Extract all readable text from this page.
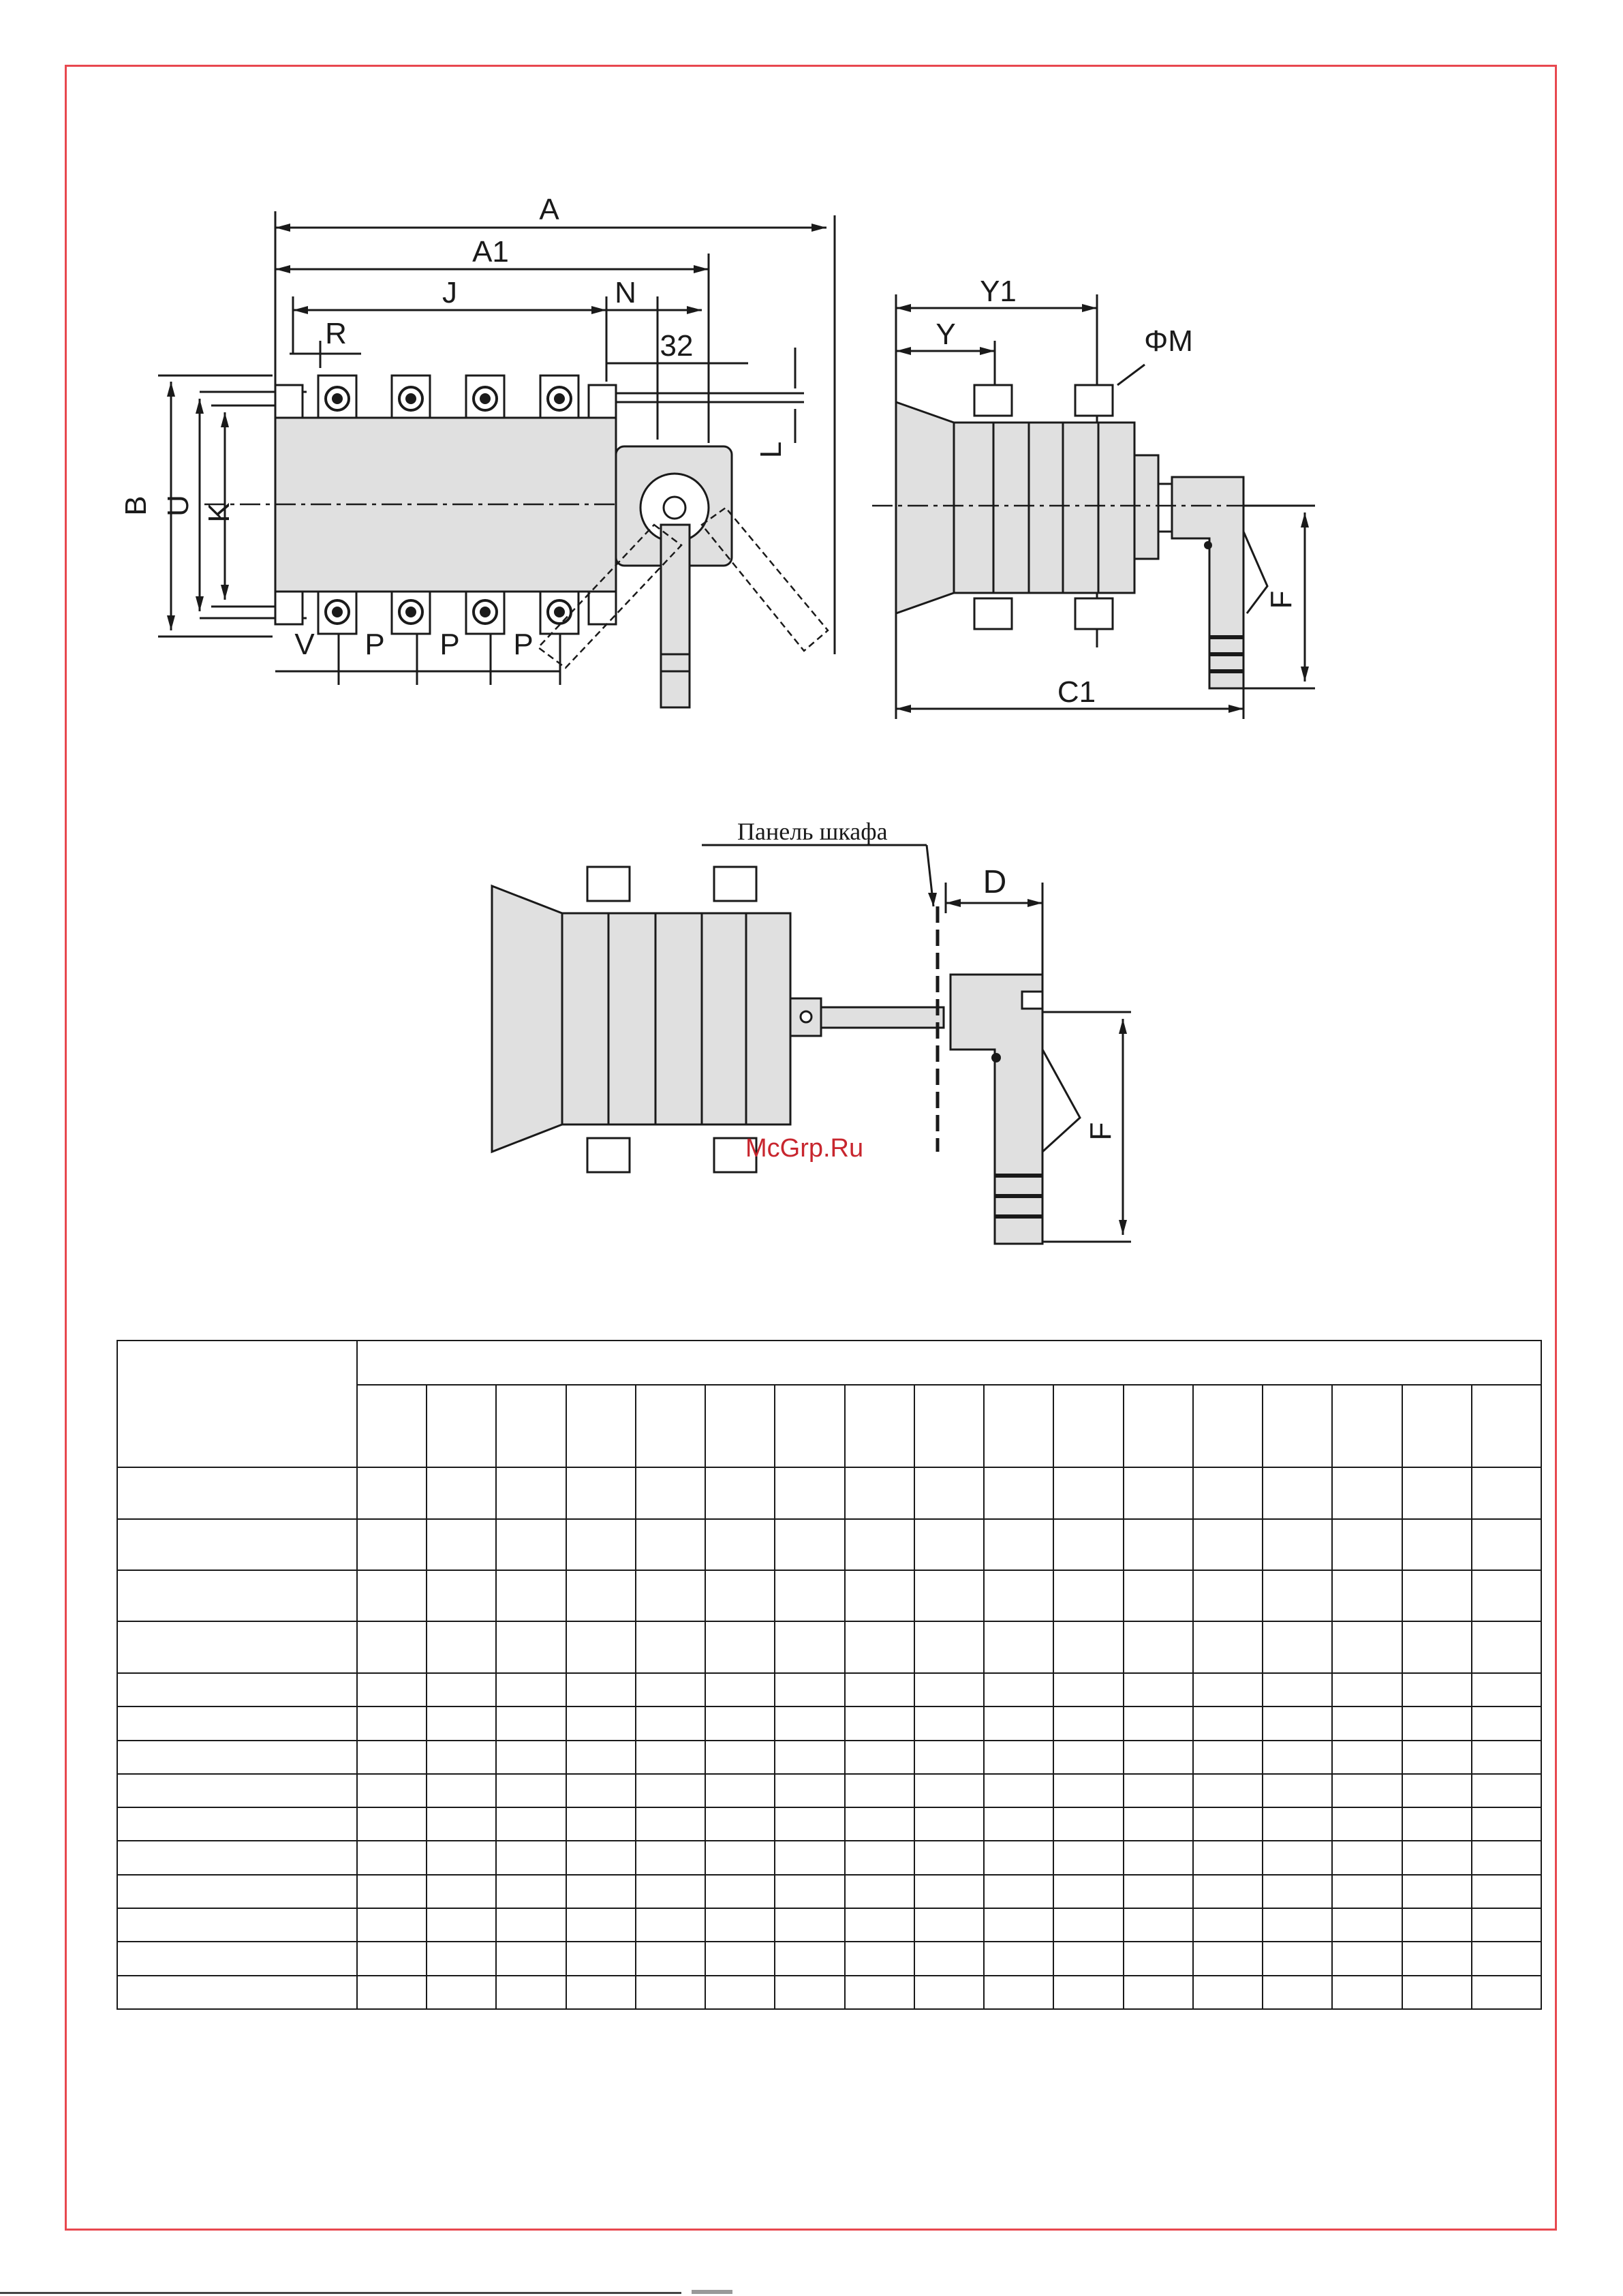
A
A1
J	N
32
R
V P P P
B U K
L
Y1
Y	ΦM
C1
F
Панель шкафа
D
F
McGrp.Ru
